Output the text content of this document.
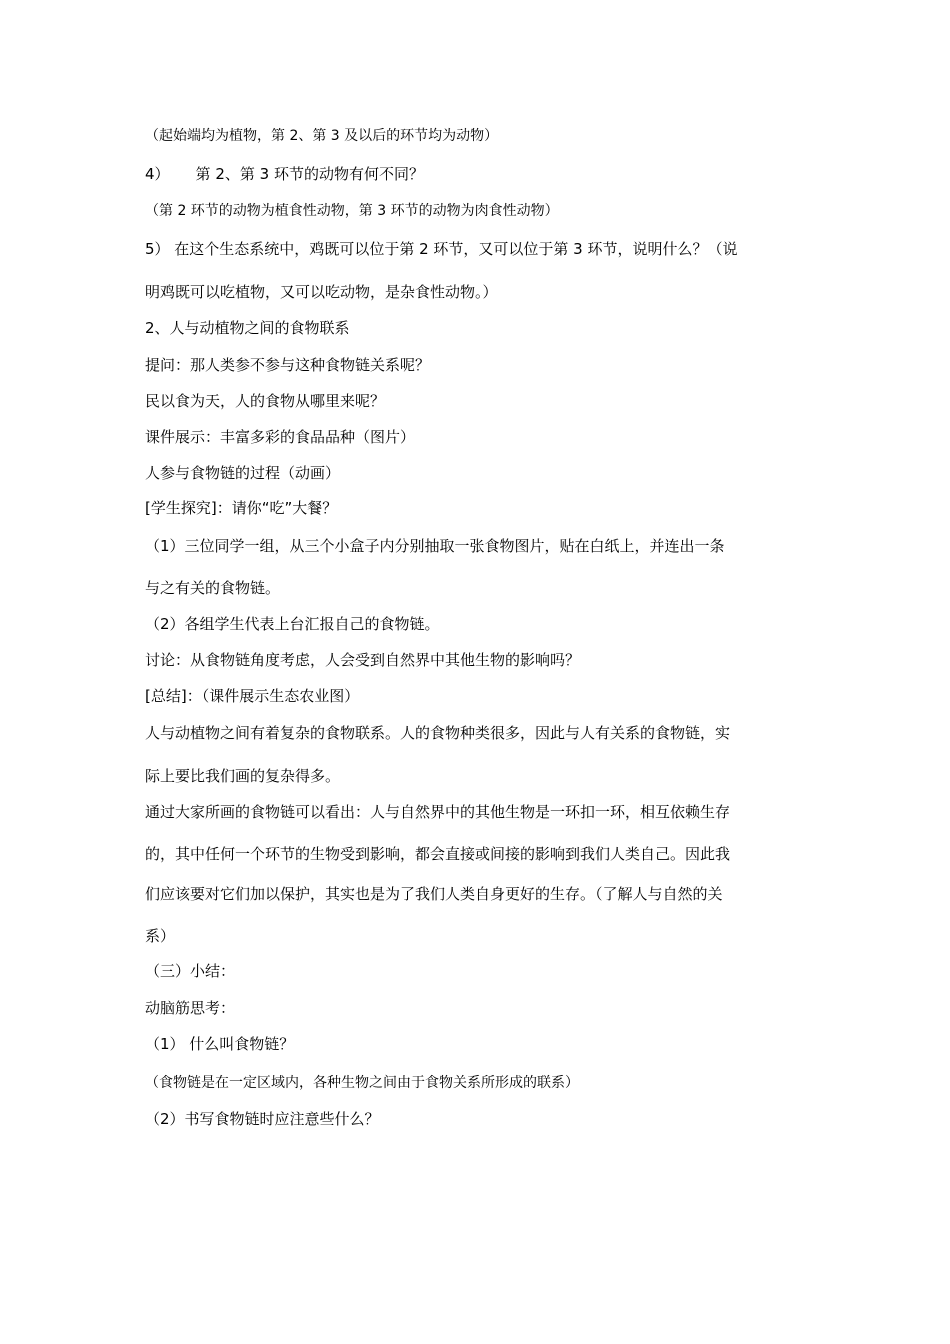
（起始端均为植物，第 2、第 3 及以后的环节均为动物）
4） 第 2、第 3 环节的动物有何不同？
（第 2 环节的动物为植食性动物，第 3 环节的动物为肉食性动物）
5） 在这个生态系统中，鸡既可以位于第 2 环节，又可以位于第 3 环节，说明什么？（说
明鸡既可以吃植物，又可以吃动物，是杂食性动物。）
2、人与动植物之间的食物联系
提问：那人类参不参与这种食物链关系呢？
民以食为天，人的食物从哪里来呢？
课件展示：丰富多彩的食品品种（图片）
人参与食物链的过程（动画）
[学生探究]：请你“吃”大餐？
（1）三位同学一组，从三个小盒子内分别抽取一张食物图片，贴在白纸上，并连出一条
与之有关的食物链。
（2）各组学生代表上台汇报自己的食物链。
讨论：从食物链角度考虑，人会受到自然界中其他生物的影响吗？
[总结]：（课件展示生态农业图）
人与动植物之间有着复杂的食物联系。人的食物种类很多，因此与人有关系的食物链，实
际上要比我们画的复杂得多。
通过大家所画的食物链可以看出：人与自然界中的其他生物是一环扣一环，相互依赖生存
的，其中任何一个环节的生物受到影响，都会直接或间接的影响到我们人类自己。因此我
们应该要对它们加以保护，其实也是为了我们人类自身更好的生存。（了解人与自然的关
系）
（三）小结：
动脑筋思考：
（1） 什么叫食物链？
（食物链是在一定区域内，各种生物之间由于食物关系所形成的联系）
（2）书写食物链时应注意些什么？
